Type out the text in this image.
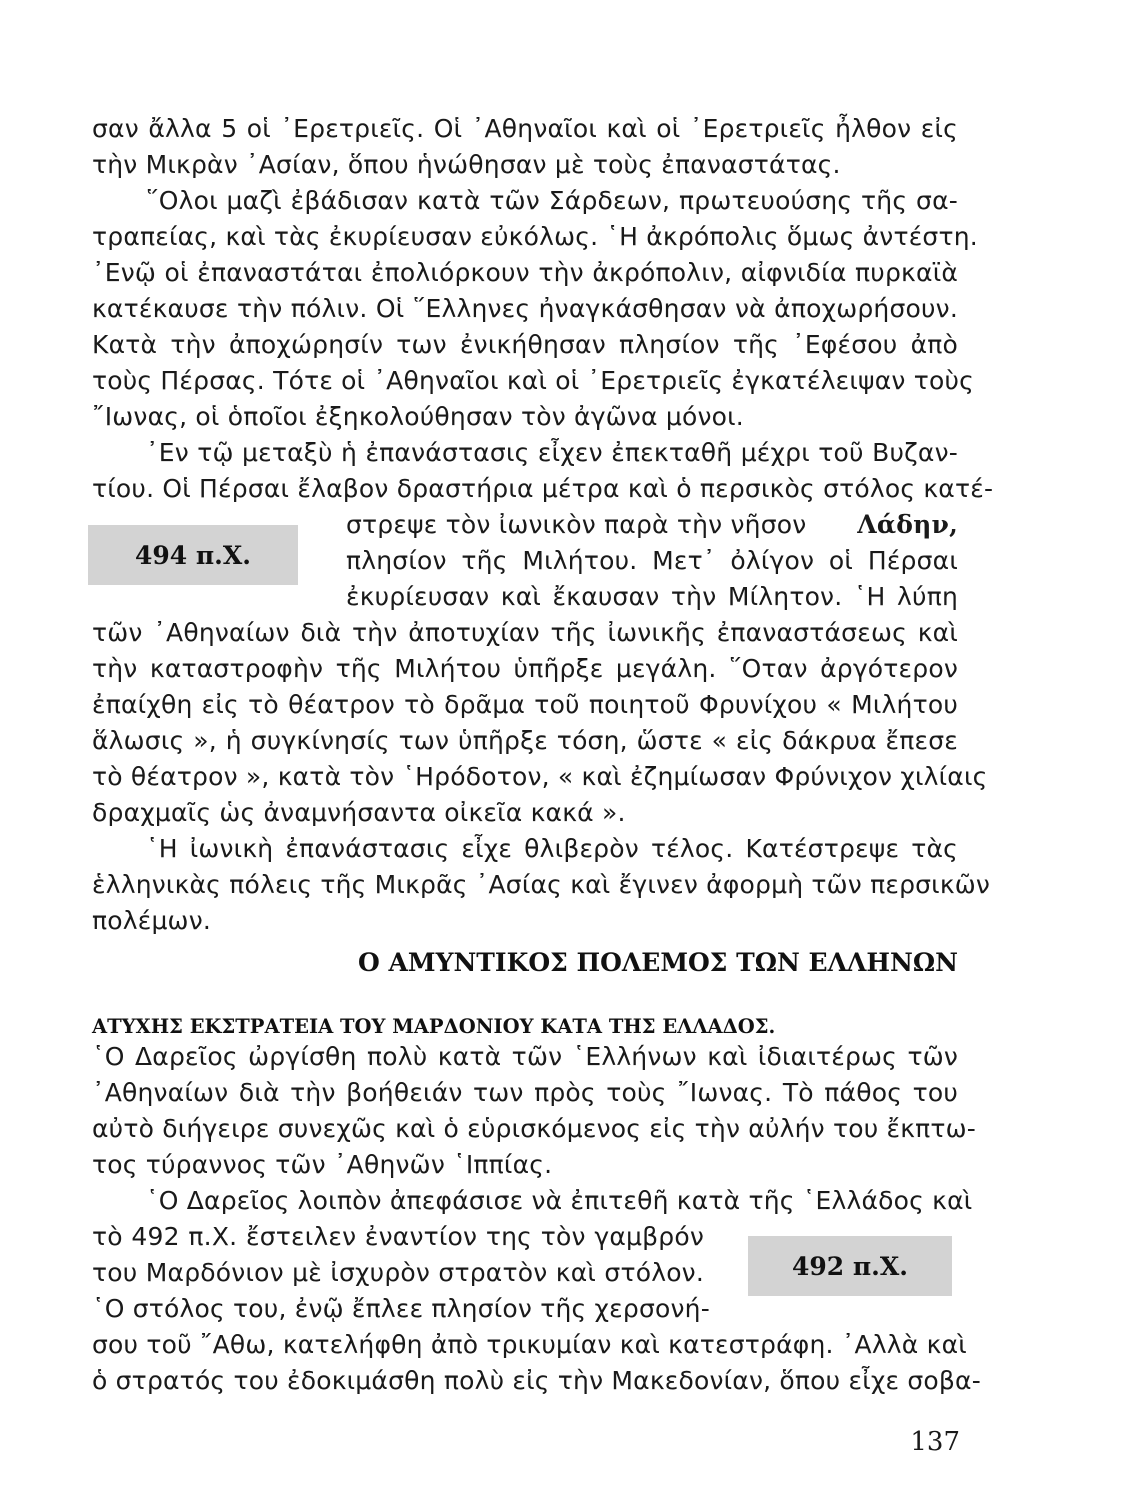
σαν ἄλλα 5 οἱ ᾿Ερετριεῖς. Οἱ ᾿Αθηναῖοι καὶ οἱ ᾿Ερετριεῖς ἦλθον εἰς
τὴν Μικρὰν ᾿Ασίαν, ὅπου ἡνώθησαν μὲ τοὺς ἐπαναστάτας.
῞Ολοι μαζὶ ἐβάδισαν κατὰ τῶν Σάρδεων, πρωτευούσης τῆς σα-
τραπείας, καὶ τὰς ἐκυρίευσαν εὐκόλως. ῾Η ἀκρόπολις ὅμως ἀντέστη.
᾿Ενῷ οἱ ἐπαναστάται ἐπολιόρκουν τὴν ἀκρόπολιν, αἰφνιδία πυρκαϊὰ
κατέκαυσε τὴν πόλιν. Οἱ ῞Ελληνες ἠναγκάσθησαν νὰ ἀποχωρήσουν.
Κατὰ τὴν ἀποχώρησίν των ἐνικήθησαν πλησίον τῆς ᾿Εφέσου ἀπὸ
τοὺς Πέρσας. Τότε οἱ ᾿Αθηναῖοι καὶ οἱ ᾿Ερετριεῖς ἐγκατέλειψαν τοὺς
῎Ιωνας, οἱ ὁποῖοι ἐξηκολούθησαν τὸν ἀγῶνα μόνοι.
᾿Εν τῷ μεταξὺ ἡ ἐπανάστασις εἶχεν ἐπεκταθῆ μέχρι τοῦ Βυζαν-
τίου. Οἱ Πέρσαι ἔλαβον δραστήρια μέτρα καὶ ὁ περσικὸς στόλος κατέ-
494 π.Χ.
στρεψε τὸν ἰωνικὸν παρὰ τὴν νῆσον Λάδην,
πλησίον τῆς Μιλήτου. Μετ᾿ ὀλίγον οἱ Πέρσαι
ἐκυρίευσαν καὶ ἔκαυσαν τὴν Μίλητον. ῾Η λύπη
τῶν ᾿Αθηναίων διὰ τὴν ἀποτυχίαν τῆς ἰωνικῆς ἐπαναστάσεως καὶ
τὴν καταστροφὴν τῆς Μιλήτου ὑπῆρξε μεγάλη. ῞Οταν ἀργότερον
ἐπαίχθη εἰς τὸ θέατρον τὸ δρᾶμα τοῦ ποιητοῦ Φρυνίχου « Μιλήτου
ἅλωσις », ἡ συγκίνησίς των ὑπῆρξε τόση, ὥστε « εἰς δάκρυα ἔπεσε
τὸ θέατρον », κατὰ τὸν ῾Ηρόδοτον, « καὶ ἐζημίωσαν Φρύνιχον χιλίαις
δραχμαῖς ὡς ἀναμνήσαντα οἰκεῖα κακά ».
῾Η ἰωνικὴ ἐπανάστασις εἶχε θλιβερὸν τέλος. Κατέστρεψε τὰς
ἑλληνικὰς πόλεις τῆς Μικρᾶς ᾿Ασίας καὶ ἔγινεν ἀφορμὴ τῶν περσικῶν
πολέμων.
Ο ΑΜΥΝΤΙΚΟΣ ΠΟΛΕΜΟΣ ΤΩΝ ΕΛΛΗΝΩΝ
ΑΤΥΧΗΣ ΕΚΣΤΡΑΤΕΙΑ ΤΟΥ ΜΑΡΔΟΝΙΟΥ ΚΑΤΑ ΤΗΣ ΕΛΛΑΔΟΣ.
῾Ο Δαρεῖος ὠργίσθη πολὺ κατὰ τῶν ῾Ελλήνων καὶ ἰδιαιτέρως τῶν
᾿Αθηναίων διὰ τὴν βοήθειάν των πρὸς τοὺς ῎Ιωνας. Τὸ πάθος του
αὐτὸ διήγειρε συνεχῶς καὶ ὁ εὑρισκόμενος εἰς τὴν αὐλήν του ἔκπτω-
τος τύραννος τῶν ᾿Αθηνῶν ῾Ιππίας.
῾Ο Δαρεῖος λοιπὸν ἀπεφάσισε νὰ ἐπιτεθῆ κατὰ τῆς ῾Ελλάδος καὶ
τὸ 492 π.Χ. ἔστειλεν ἐναντίον της τὸν γαμβρόν
του Μαρδόνιον μὲ ἰσχυρὸν στρατὸν καὶ στόλον.
῾Ο στόλος του, ἐνῷ ἔπλεε πλησίον τῆς χερσονή-
492 π.Χ.
σου τοῦ ῎Αθω, κατελήφθη ἀπὸ τρικυμίαν καὶ κατεστράφη. ᾿Αλλὰ καὶ
ὁ στρατός του ἐδοκιμάσθη πολὺ εἰς τὴν Μακεδονίαν, ὅπου εἶχε σοβα-
137
